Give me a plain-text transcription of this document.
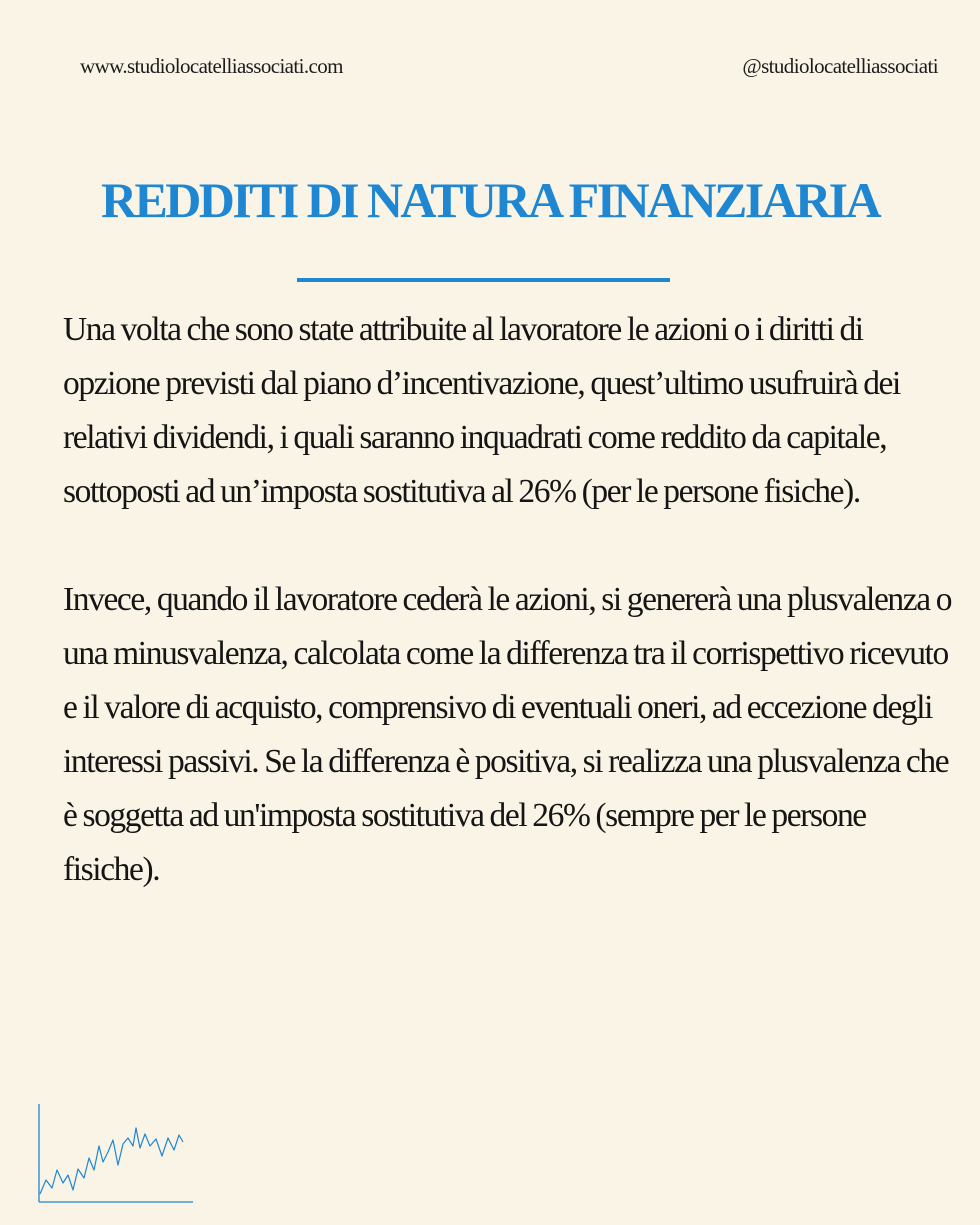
www.studiolocatelliassociati.com	@studiolocatelliassociati
REDDITI DI NATURA FINANZIARIA

Una volta che sono state attribuite al lavoratore le azioni o i diritti di opzione previsti dal piano d’incentivazione, quest’ultimo usufruirà dei relativi dividendi, i quali saranno inquadrati come reddito da capitale, sottoposti ad un’imposta sostitutiva al 26% (per le persone fisiche).

Invece, quando il lavoratore cederà le azioni, si genererà una plusvalenza o una minusvalenza, calcolata come la differenza tra il corrispettivo ricevuto e il valore di acquisto, comprensivo di eventuali oneri, ad eccezione degli interessi passivi. Se la differenza è positiva, si realizza una plusvalenza che è soggetta ad un'imposta sostitutiva del 26% (sempre per le persone fisiche).
